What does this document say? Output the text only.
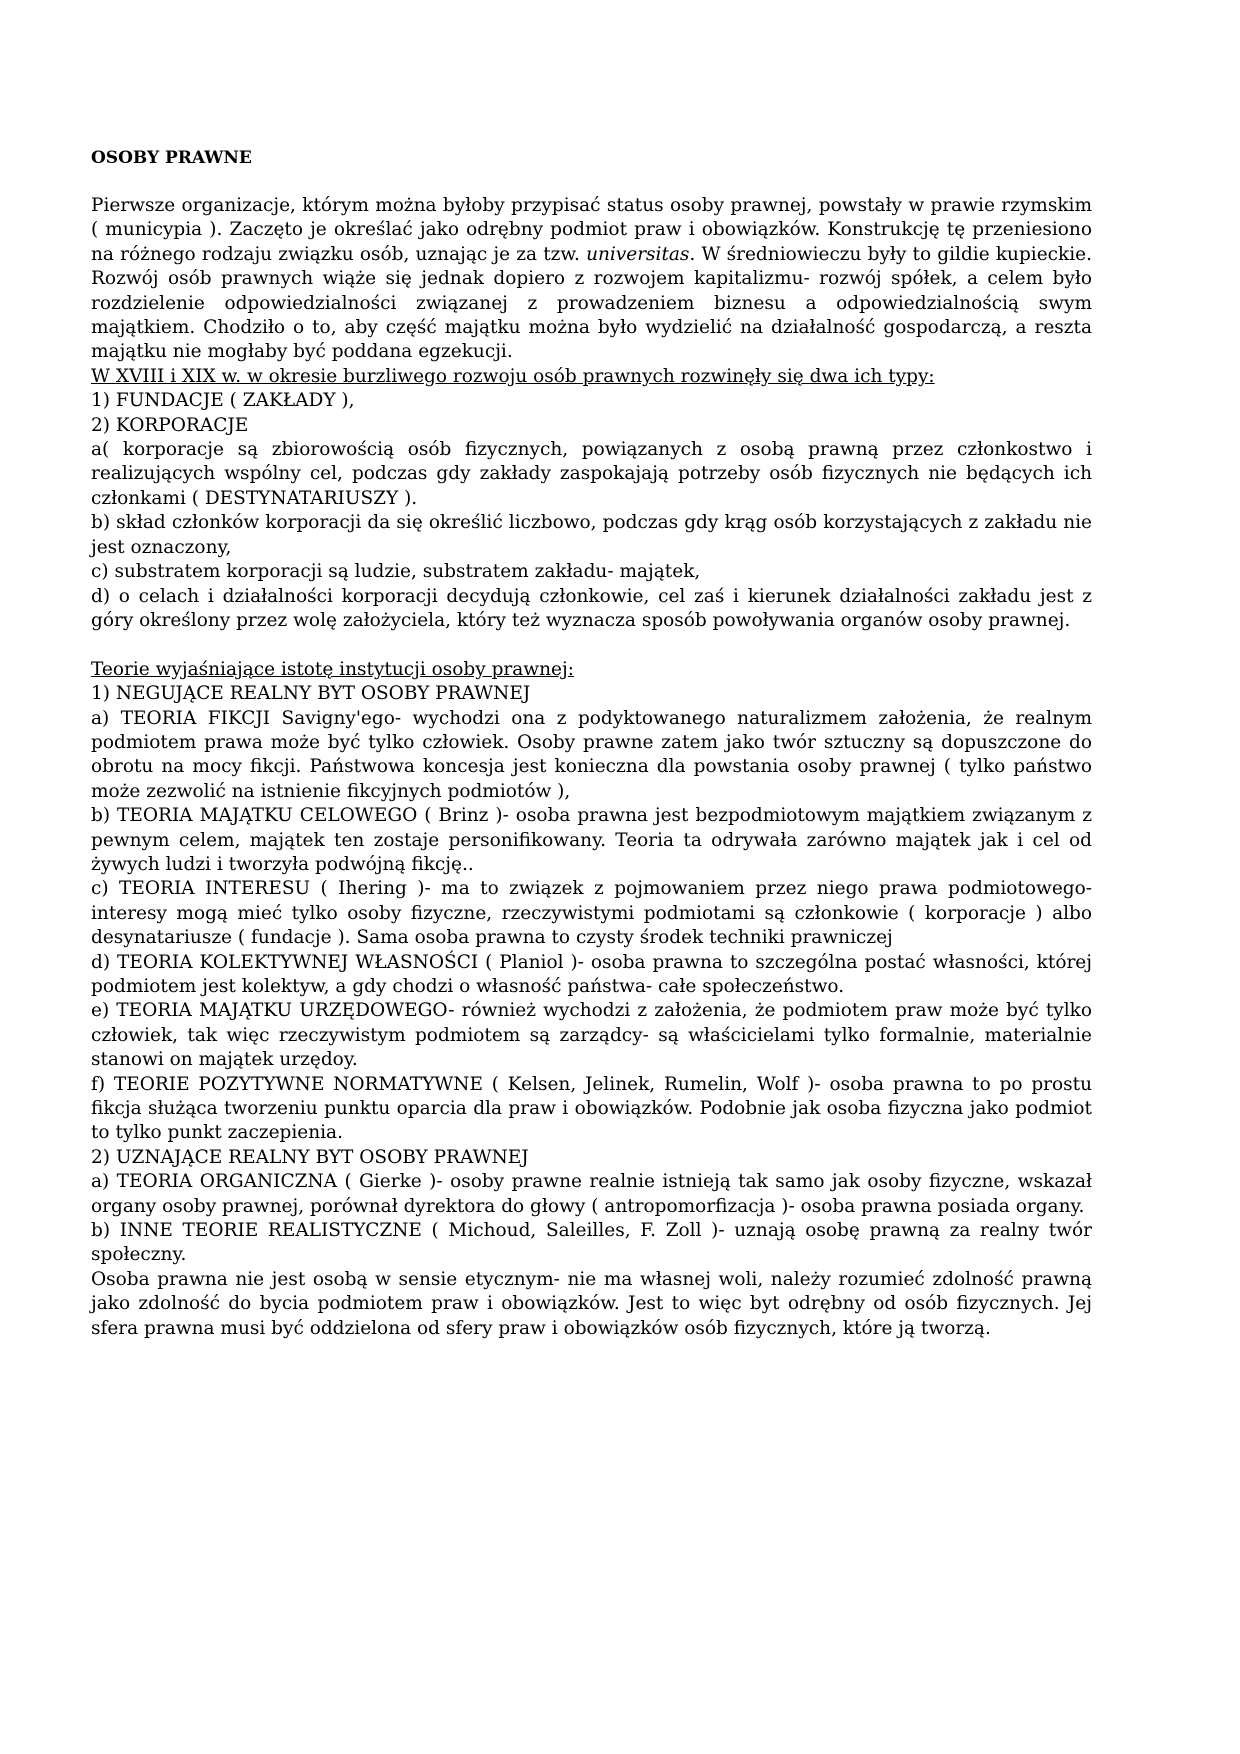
OSOBY PRAWNE

Pierwsze organizacje, którym można byłoby przypisać status osoby prawnej, powstały w prawie rzymskim ( municypia ). Zaczęto je określać jako odrębny podmiot praw i obowiązków. Konstrukcję tę przeniesiono na różnego rodzaju związku osób, uznając je za tzw. universitas. W średniowieczu były to gildie kupieckie. Rozwój osób prawnych wiąże się jednak dopiero z rozwojem kapitalizmu- rozwój spółek, a celem było rozdzielenie odpowiedzialności związanej z prowadzeniem biznesu a odpowiedzialnością swym majątkiem. Chodziło o to, aby część majątku można było wydzielić na działalność gospodarczą, a reszta majątku nie mogłaby być poddana egzekucji.

W XVIII i XIX w. w okresie burzliwego rozwoju osób prawnych rozwinęły się dwa ich typy:

1) FUNDACJE ( ZAKŁADY ),

2) KORPORACJE

a( korporacje są zbiorowością osób fizycznych, powiązanych z osobą prawną przez członkostwo i realizujących wspólny cel, podczas gdy zakłady zaspokajają potrzeby osób fizycznych nie będących ich członkami ( DESTYNATARIUSZY ).

b) skład członków korporacji da się określić liczbowo, podczas gdy krąg osób korzystających z zakładu nie jest oznaczony,

c) substratem korporacji są ludzie, substratem zakładu- majątek,

d) o celach i działalności korporacji decydują członkowie, cel zaś i kierunek działalności zakładu jest z góry określony przez wolę założyciela, który też wyznacza sposób powoływania organów osoby prawnej.

Teorie wyjaśniające istotę instytucji osoby prawnej:

1) NEGUJĄCE REALNY BYT OSOBY PRAWNEJ

a) TEORIA FIKCJI Savigny'ego- wychodzi ona z podyktowanego naturalizmem założenia, że realnym podmiotem prawa może być tylko człowiek. Osoby prawne zatem jako twór sztuczny są dopuszczone do obrotu na mocy fikcji. Państwowa koncesja jest konieczna dla powstania osoby prawnej ( tylko państwo może zezwolić na istnienie fikcyjnych podmiotów ),

b) TEORIA MAJĄTKU CELOWEGO ( Brinz )- osoba prawna jest bezpodmiotowym majątkiem związanym z pewnym celem, majątek ten zostaje personifikowany. Teoria ta odrywała zarówno majątek jak i cel od żywych ludzi i tworzyła podwójną fikcję..

c) TEORIA INTERESU ( Ihering )- ma to związek z pojmowaniem przez niego prawa podmiotowego- interesy mogą mieć tylko osoby fizyczne, rzeczywistymi podmiotami są członkowie ( korporacje ) albo desynatariusze ( fundacje ). Sama osoba prawna to czysty środek techniki prawniczej

d) TEORIA KOLEKTYWNEJ WŁASNOŚCI ( Planiol )- osoba prawna to szczególna postać własności, której podmiotem jest kolektyw, a gdy chodzi o własność państwa- całe społeczeństwo.

e) TEORIA MAJĄTKU URZĘDOWEGO- również wychodzi z założenia, że podmiotem praw może być tylko człowiek, tak więc rzeczywistym podmiotem są zarządcy- są właścicielami tylko formalnie, materialnie stanowi on majątek urzędoy.

f) TEORIE POZYTYWNE NORMATYWNE ( Kelsen, Jelinek, Rumelin, Wolf )- osoba prawna to po prostu fikcja służąca tworzeniu punktu oparcia dla praw i obowiązków. Podobnie jak osoba fizyczna jako podmiot to tylko punkt zaczepienia.

2) UZNAJĄCE REALNY BYT OSOBY PRAWNEJ

a) TEORIA ORGANICZNA ( Gierke )- osoby prawne realnie istnieją tak samo jak osoby fizyczne, wskazał organy osoby prawnej, porównał dyrektora do głowy ( antropomorfizacja )- osoba prawna posiada organy.

b) INNE TEORIE REALISTYCZNE ( Michoud, Saleilles, F. Zoll )- uznają osobę prawną za realny twór społeczny.

Osoba prawna nie jest osobą w sensie etycznym- nie ma własnej woli, należy rozumieć zdolność prawną jako zdolność do bycia podmiotem praw i obowiązków. Jest to więc byt odrębny od osób fizycznych. Jej sfera prawna musi być oddzielona od sfery praw i obowiązków osób fizycznych, które ją tworzą.
